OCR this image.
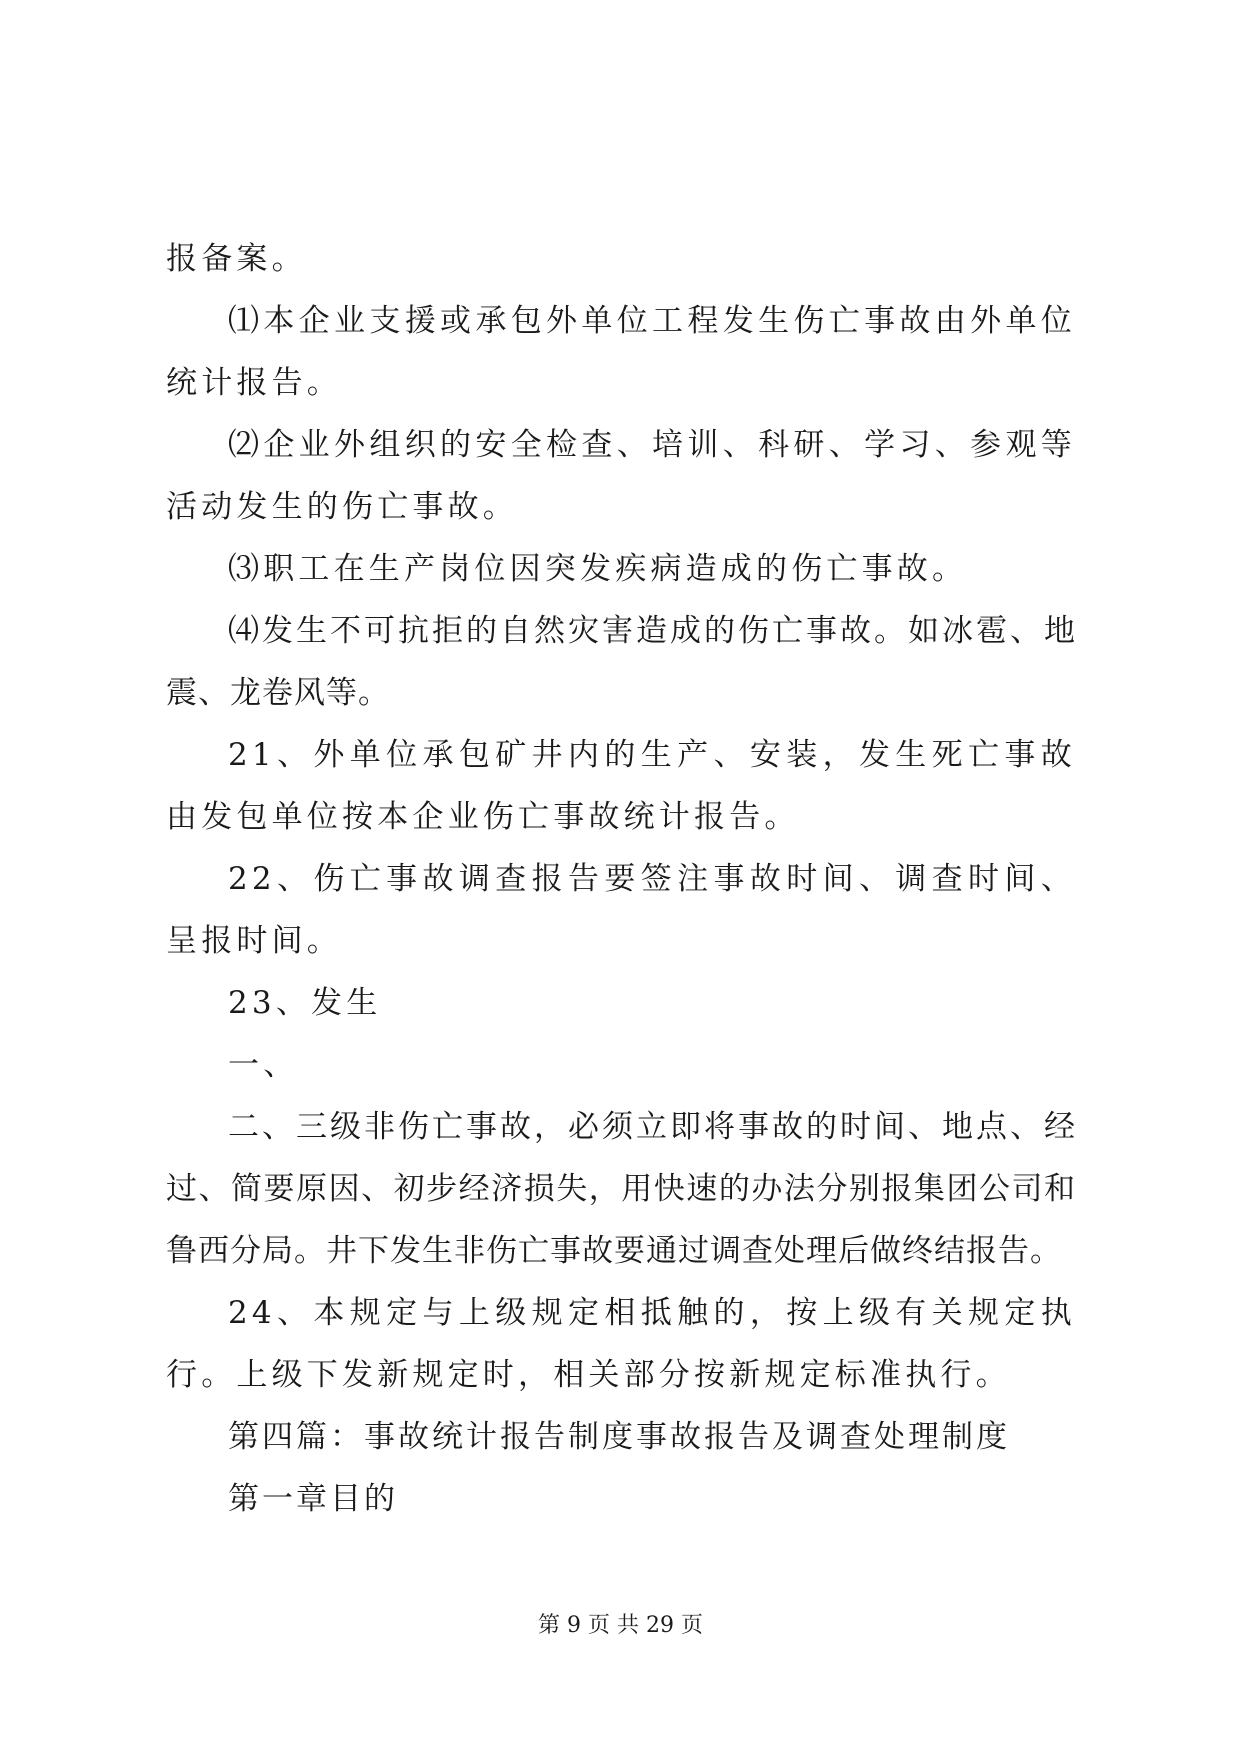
报备案。

⑴本企业支援或承包外单位工程发生伤亡事故由外单位统计报告。

⑵企业外组织的安全检查、培训、科研、学习、参观等活动发生的伤亡事故。

⑶职工在生产岗位因突发疾病造成的伤亡事故。

⑷发生不可抗拒的自然灾害造成的伤亡事故。如冰雹、地震、龙卷风等。

21、外单位承包矿井内的生产、安装，发生死亡事故由发包单位按本企业伤亡事故统计报告。

22、伤亡事故调查报告要签注事故时间、调查时间、呈报时间。

23、发生

一、

二、三级非伤亡事故，必须立即将事故的时间、地点、经过、简要原因、初步经济损失，用快速的办法分别报集团公司和鲁西分局。井下发生非伤亡事故要通过调查处理后做终结报告。

24、本规定与上级规定相抵触的，按上级有关规定执行。上级下发新规定时，相关部分按新规定标准执行。

第四篇：事故统计报告制度事故报告及调查处理制度

第一章目的

第 9 页 共 29 页
